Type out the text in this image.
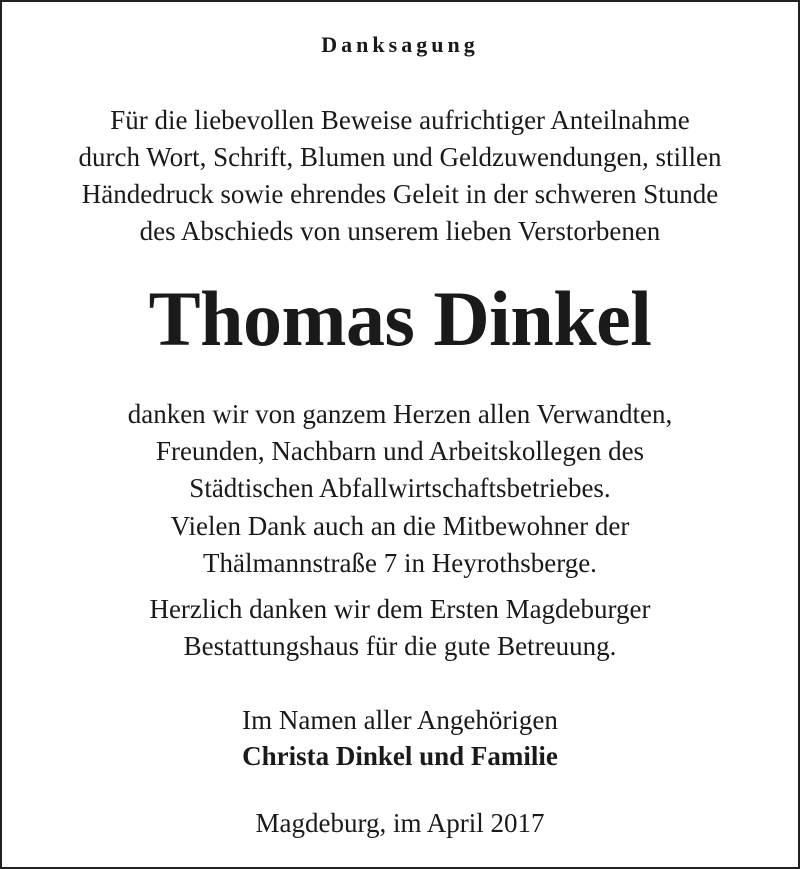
Danksagung
Für die liebevollen Beweise aufrichtiger Anteilnahme
durch Wort, Schrift, Blumen und Geldzuwendungen, stillen
Händedruck sowie ehrendes Geleit in der schweren Stunde
des Abschieds von unserem lieben Verstorbenen
Thomas Dinkel
danken wir von ganzem Herzen allen Verwandten,
Freunden, Nachbarn und Arbeitskollegen des
Städtischen Abfallwirtschaftsbetriebes.
Vielen Dank auch an die Mitbewohner der
Thälmannstraße 7 in Heyrothsberge.
Herzlich danken wir dem Ersten Magdeburger
Bestattungshaus für die gute Betreuung.
Im Namen aller Angehörigen
Christa Dinkel und Familie
Magdeburg, im April 2017
